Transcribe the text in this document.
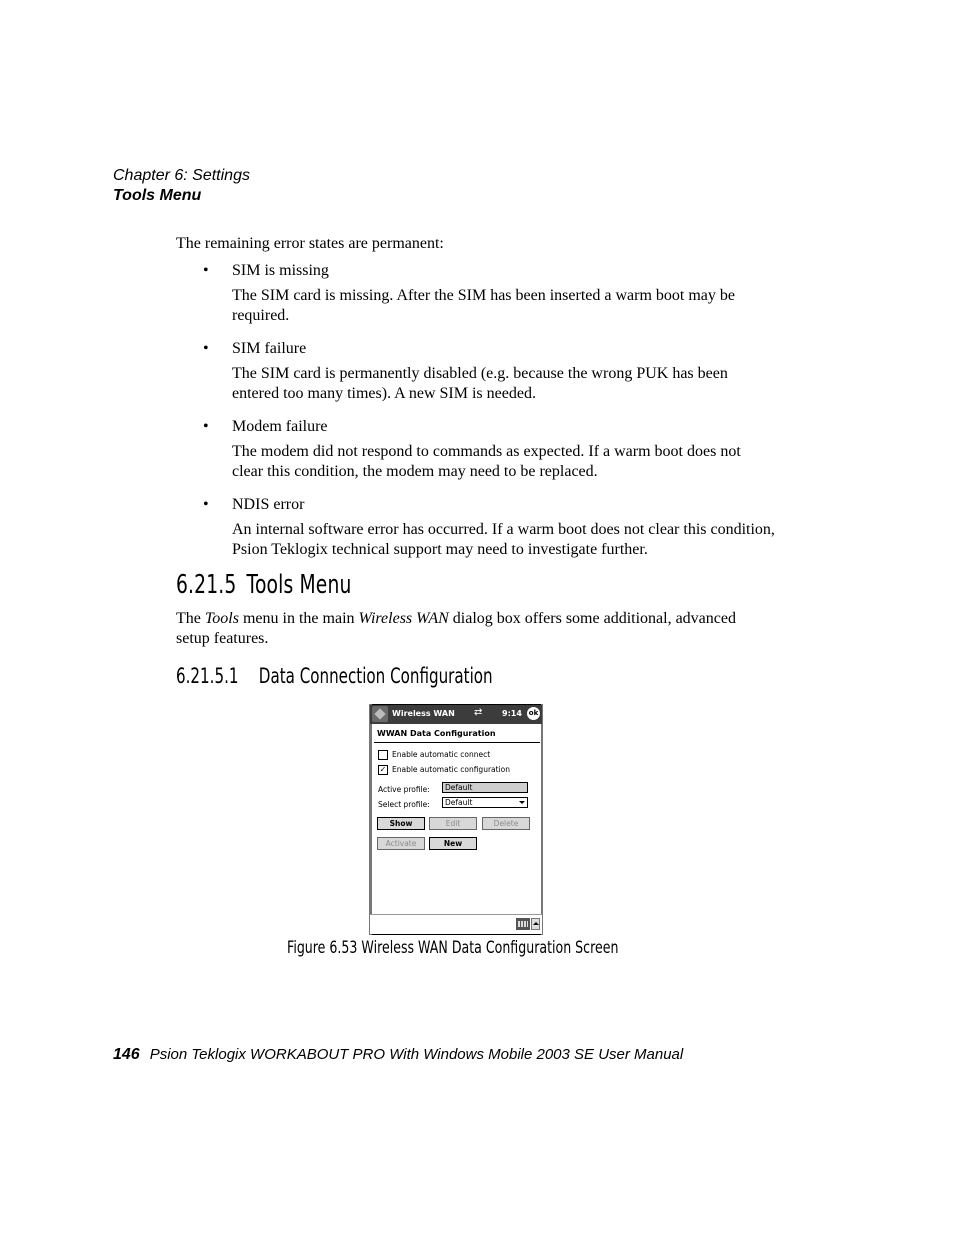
Chapter 6: Settings
Tools Menu
The remaining error states are permanent:
• SIM is missing
The SIM card is missing. After the SIM has been inserted a warm boot may be required.
• SIM failure
The SIM card is permanently disabled (e.g. because the wrong PUK has been entered too many times). A new SIM is needed.
• Modem failure
The modem did not respond to commands as expected. If a warm boot does not clear this condition, the modem may need to be replaced.
• NDIS error
An internal software error has occurred. If a warm boot does not clear this condition, Psion Teklogix technical support may need to investigate further.
6.21.5 Tools Menu
The Tools menu in the main Wireless WAN dialog box offers some additional, advanced setup features.
6.21.5.1 Data Connection Configuration
Wireless WAN ⇄ 9:14 ok
WWAN Data Configuration
Enable automatic connect
✓ Enable automatic configuration
Active profile:	Default
Select profile:	Default
Show	Edit	Delete
Activate	New
Figure 6.53 Wireless WAN Data Configuration Screen
146 Psion Teklogix WORKABOUT PRO With Windows Mobile 2003 SE User Manual
